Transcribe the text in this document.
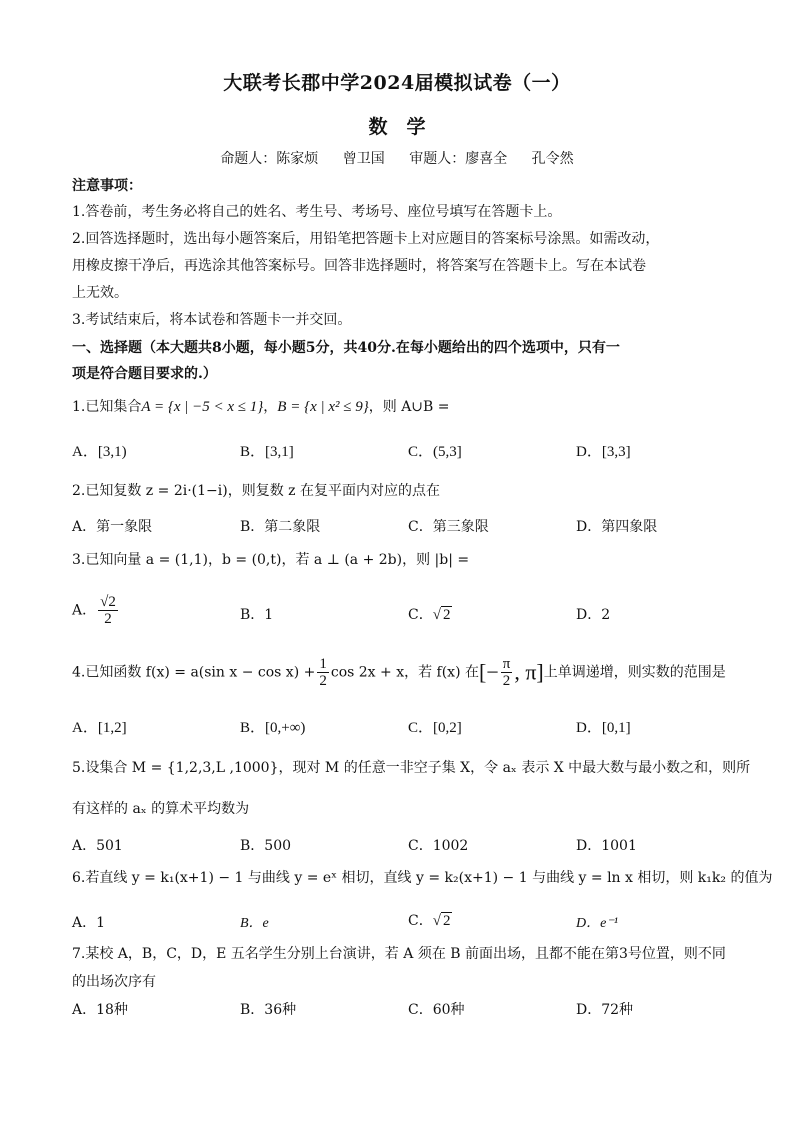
大联考长郡中学2024届模拟试卷（一）
数　学
命题人：陈家烦 曾卫国 审题人：廖喜全 孔令然
注意事项：
1.答卷前，考生务必将自己的姓名、考生号、考场号、座位号填写在答题卡上。
2.回答选择题时，选出每小题答案后，用铅笔把答题卡上对应题目的答案标号涂黑。如需改动，
用橡皮擦干净后，再选涂其他答案标号。回答非选择题时，将答案写在答题卡上。写在本试卷
上无效。
3.考试结束后，将本试卷和答题卡一并交回。
一、选择题（本大题共8小题，每小题5分，共40分.在每小题给出的四个选项中，只有一
项是符合题目要求的.）
1.已知集合A = {x | −5 < x ≤ 1}，B = {x | x² ≤ 9}，则 A∪B =
A．[3,1)	B．[3,1]	C．(5,3]	D．[3,3]
2.已知复数 z = 2i·(1−i)，则复数 z 在复平面内对应的点在
A．第一象限	B．第二象限	C．第三象限	D．第四象限
3.已知向量 a = (1,1)，b = (0,t)，若 a ⊥ (a + 2b)，则 |b| =
A． $\frac{√2}{2}$	B．1	C．√ 2	D．2
4.已知函数 f(x) = a(sin $x - \cos x) + \frac{1}{2}$ cos 2x + x，若 f(x) 在[− $\frac{\pi}{2}$ , π]上单调递增，则实数的范围是
A．[1,2]	B．[0,+∞)	C．[0,2]	D．[0,1]
5.设集合 M = {1,2,3,L ,1000}，现对 M 的任意一非空子集 X，令 aₓ 表示 X 中最大数与最小数之和，则所
有这样的 aₓ 的算术平均数为
A．501	B．500	C．1002	D．1001
6.若直线 y = k₁(x+1) − 1 与曲线 y = eˣ 相切，直线 y = k₂(x+1) − 1 与曲线 y = ln x 相切，则 k₁k₂ 的值为
A．1	B．e	C．√ 2	D．e⁻¹
7.某校 A，B，C，D，E 五名学生分别上台演讲，若 A 须在 B 前面出场，且都不能在第3号位置，则不同
的出场次序有
A．18种	B．36种	C．60种	D．72种
